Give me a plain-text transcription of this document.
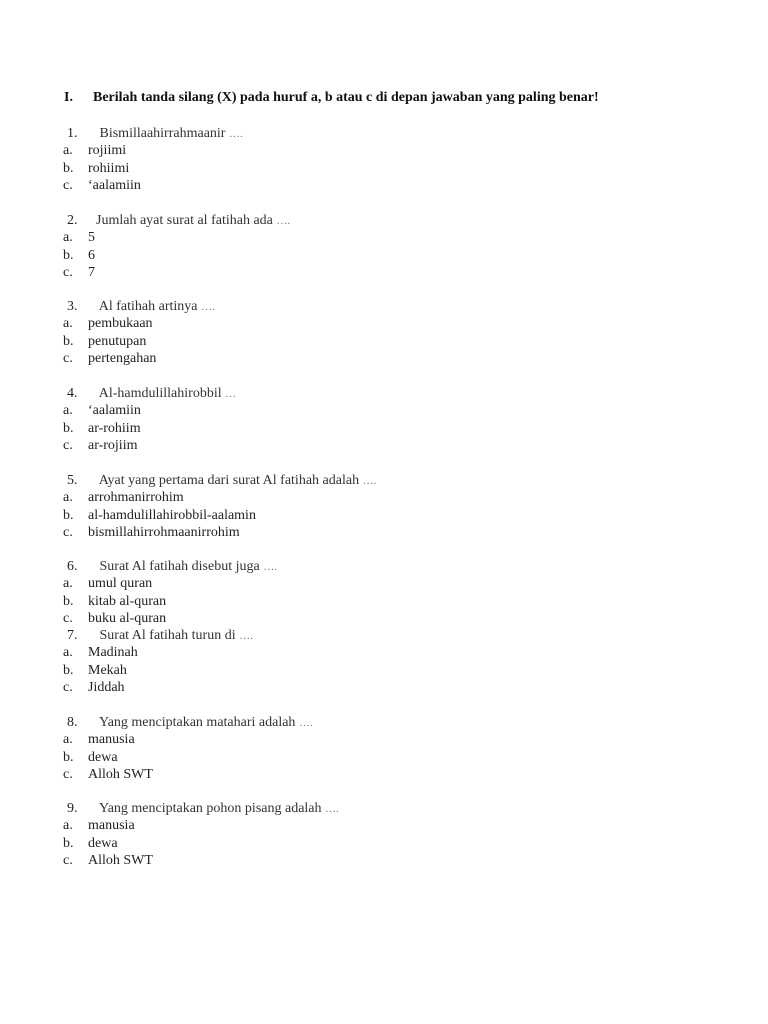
I. Berilah tanda silang (X) pada huruf a, b atau c di depan jawaban yang paling benar!
1. Bismillaahirrahmaanir ….
a. rojiimi
b. rohiimi
c. ‘aalamiin
2. Jumlah ayat surat al fatihah ada ….
a. 5
b. 6
c. 7
3. Al fatihah artinya ….
a. pembukaan
b. penutupan
c. pertengahan
4. Al-hamdulillahirobbil …
a. ‘aalamiin
b. ar-rohiim
c. ar-rojiim
5. Ayat yang pertama dari surat Al fatihah adalah ….
a. arrohmanirrohim
b. al-hamdulillahirobbil-aalamin
c. bismillahirrohmaanirrohim
6. Surat Al fatihah disebut juga ….
a. umul quran
b. kitab al-quran
c. buku al-quran
7. Surat Al fatihah turun di ….
a. Madinah
b. Mekah
c. Jiddah
8. Yang menciptakan matahari adalah ….
a. manusia
b. dewa
c. Alloh SWT
9. Yang menciptakan pohon pisang adalah ….
a. manusia
b. dewa
c. Alloh SWT
